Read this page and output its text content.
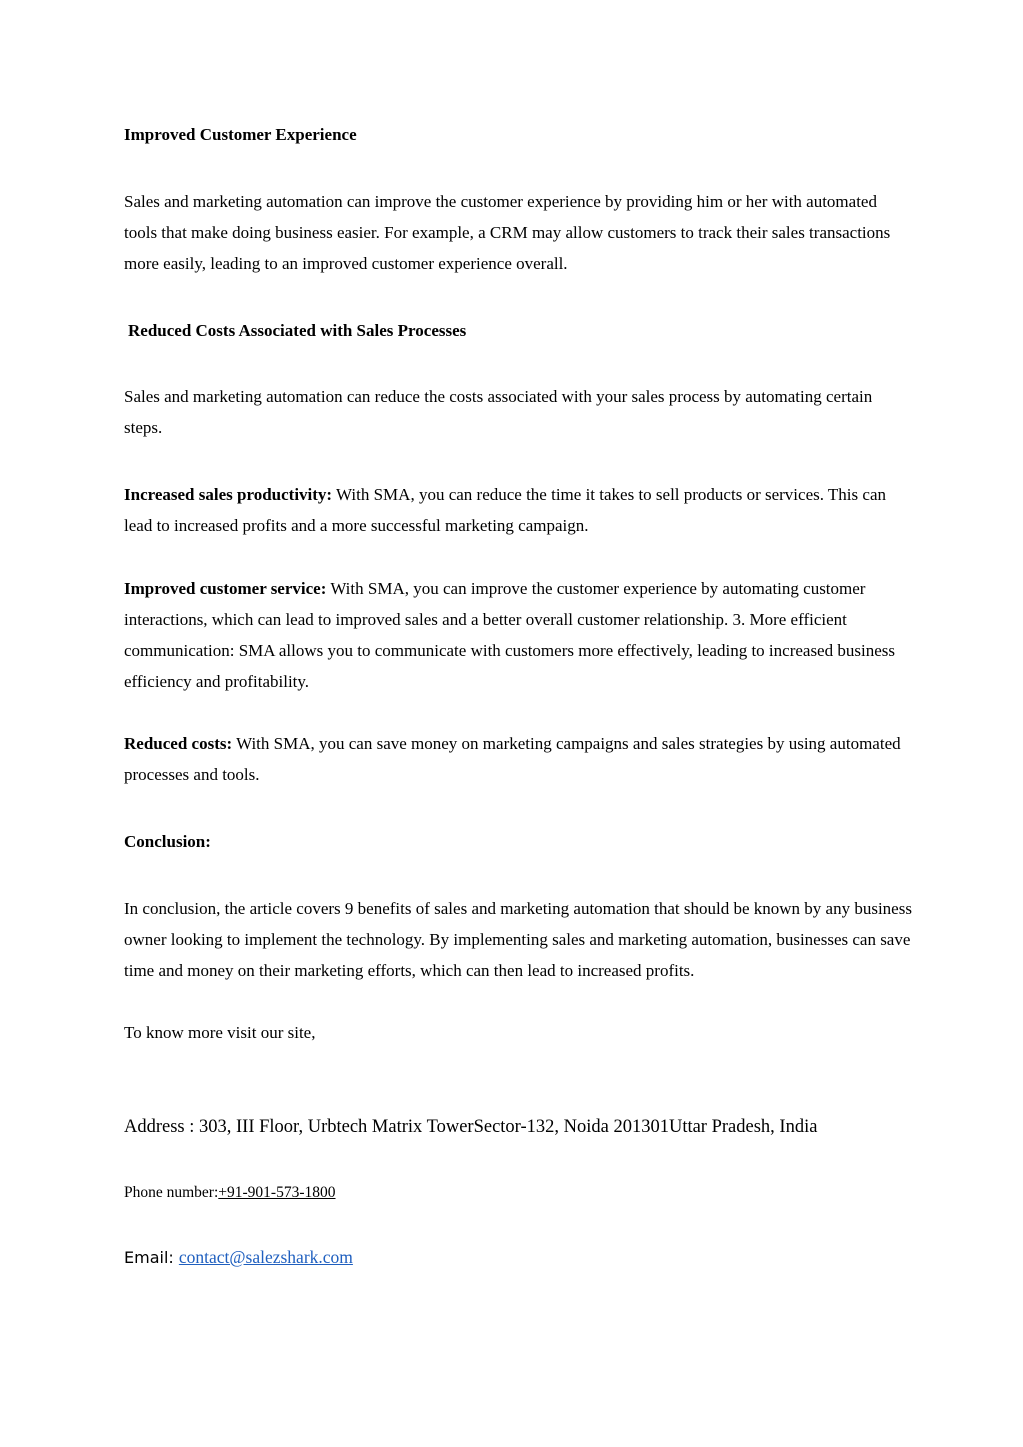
Improved Customer Experience

Sales and marketing automation can improve the customer experience by providing him or her with automated tools that make doing business easier. For example, a CRM may allow customers to track their sales transactions more easily, leading to an improved customer experience overall.

Reduced Costs Associated with Sales Processes

Sales and marketing automation can reduce the costs associated with your sales process by automating certain steps.

Increased sales productivity: With SMA, you can reduce the time it takes to sell products or services. This can lead to increased profits and a more successful marketing campaign.

Improved customer service: With SMA, you can improve the customer experience by automating customer interactions, which can lead to improved sales and a better overall customer relationship. 3. More efficient communication: SMA allows you to communicate with customers more effectively, leading to increased business efficiency and profitability.

Reduced costs: With SMA, you can save money on marketing campaigns and sales strategies by using automated processes and tools.

Conclusion:

In conclusion, the article covers 9 benefits of sales and marketing automation that should be known by any business owner looking to implement the technology. By implementing sales and marketing automation, businesses can save time and money on their marketing efforts, which can then lead to increased profits.

To know more visit our site,

Address : 303, III Floor, Urbtech Matrix TowerSector-132, Noida 201301Uttar Pradesh, India

Phone number:+91-901-573-1800

Email: contact@salezshark.com
